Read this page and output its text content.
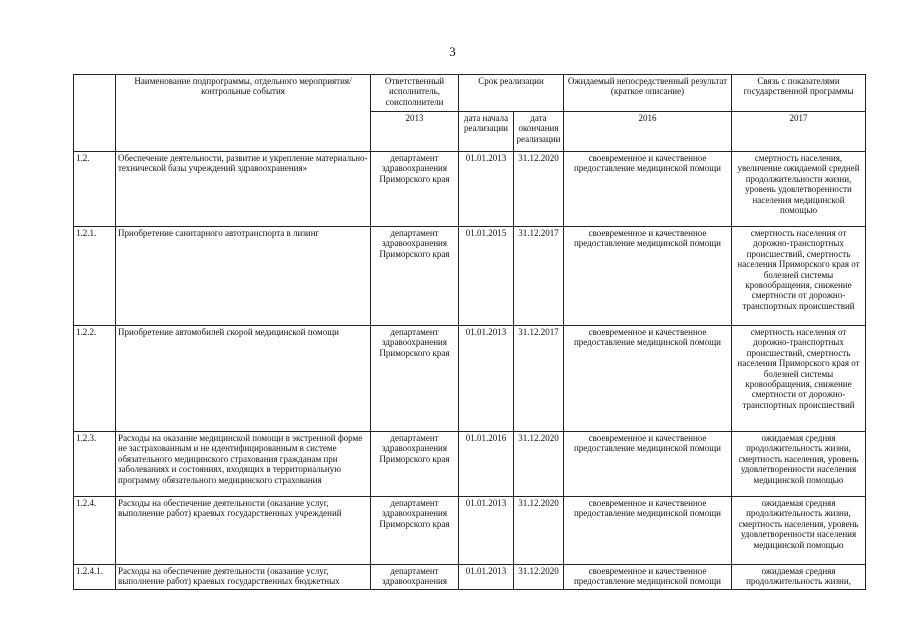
3
	Наименование подпрограммы, отдельного мероприятия/контрольные события	Ответственный исполнитель, соисполнители	Срок реализации		Ожидаемый непосредственный результат (краткое описание)	Связь с показателями государственной программы
		2013	дата начала реализации	дата окончания реализации	2016	2017
1.2.	Обеспечение деятельности, развитие и укрепление материально-технической базы учреждений здравоохранения»	департамент здравоохранения Приморского края	01.01.2013	31.12.2020	своевременное и качественное предоставление медицинской помощи	смертность населения, увеличение ожидаемой средней продолжительности жизни, уровень удовлетворенности населения медицинской помощью
1.2.1.	Приобретение санитарного автотранспорта в лизинг	департамент здравоохранения Приморского края	01.01.2015	31.12.2017	своевременное и качественное предоставление медицинской помощи	смертность населения от дорожно-транспортных происшествий, смертность населения Приморского края от болезней системы кровообращения, снижение смертности от дорожно-транспортных происшествий
1.2.2.	Приобретение автомобилей скорой медицинской помощи	департамент здравоохранения Приморского края	01.01.2013	31.12.2017	своевременное и качественное предоставление медицинской помощи	смертность населения от дорожно-транспортных происшествий, смертность населения Приморского края от болезней системы кровообращения, снижение смертности от дорожно-транспортных происшествий
1.2.3.	Расходы на оказание медицинской помощи в экстренной форме не застрахованным и не идентифицированным в системе обязательного медицинского страхования гражданам при заболеваниях и состояниях, входящих в территориальную программу обязательного медицинского страхования	департамент здравоохранения Приморского края	01.01.2016	31.12.2020	своевременное и качественное предоставление медицинской помощи	ожидаемая средняя продолжительность жизни, смертность населения, уровень удовлетворенности населения медицинской помощью
1.2.4.	Расходы на обеспечение деятельности (оказание услуг, выполнение работ) краевых государственных учреждений	департамент здравоохранения Приморского края	01.01.2013	31.12.2020	своевременное и качественное предоставление медицинской помощи	ожидаемая средняя продолжительность жизни, смертность населения, уровень удовлетворенности населения медицинской помощью
1.2.4.1.	Расходы на обеспечение деятельности (оказание услуг, выполнение работ) краевых государственных бюджетных	департамент здравоохранения	01.01.2013	31.12.2020	своевременное и качественное предоставление медицинской помощи	ожидаемая средняя продолжительность жизни,
